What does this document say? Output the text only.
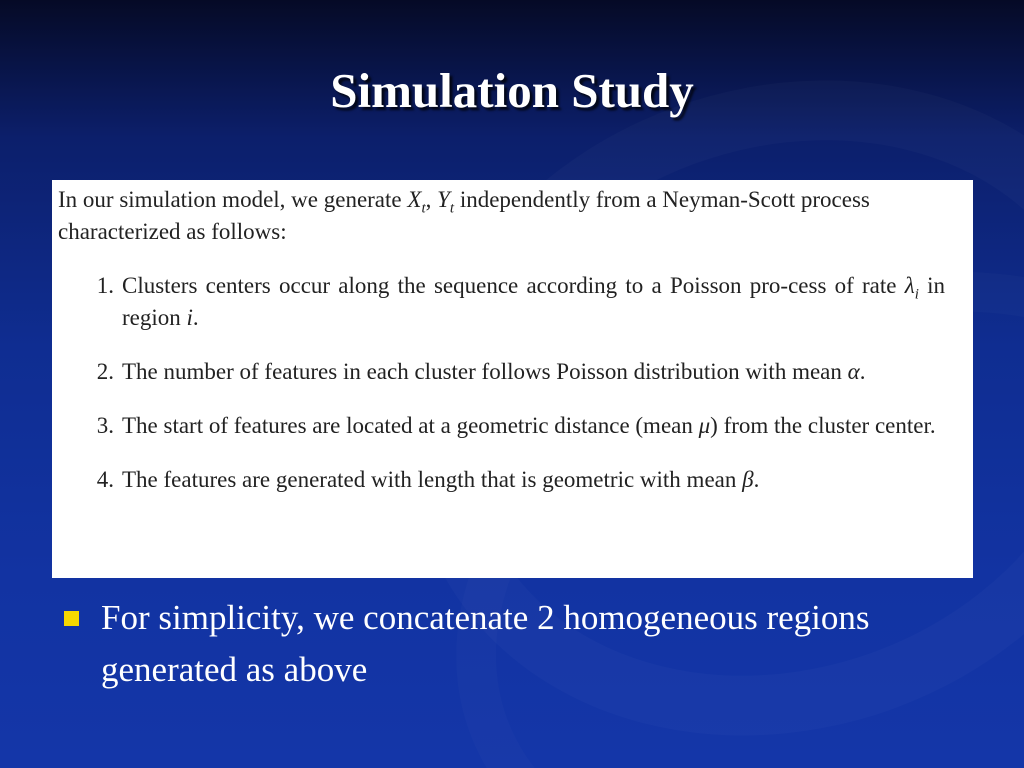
Simulation Study

In our simulation model, we generate $X_t$, $Y_t$ independently from a Neyman-Scott process characterized as follows:

1. Clusters centers occur along the sequence according to a Poisson pro-cess of rate $\lambda_i$ in region i.
2. The number of features in each cluster follows Poisson distribution with mean α.
3. The start of features are located at a geometric distance (mean μ) from the cluster center.
4. The features are generated with length that is geometric with mean β.
For simplicity, we concatenate 2 homogeneous regions generated as above
